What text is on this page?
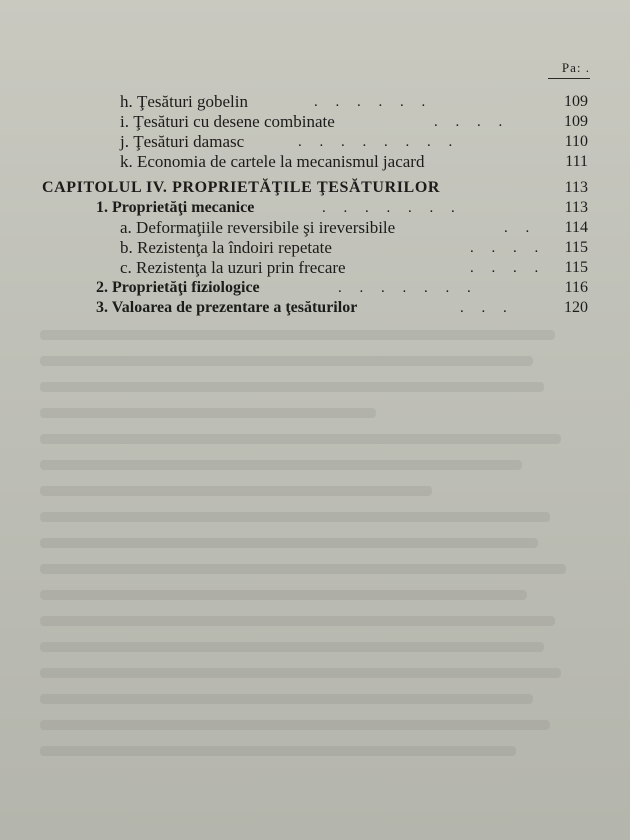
Pa: .
h. Ţesături gobelin	. . . . . .	109
i. Ţesături cu desene combinate	. . . .	109
j. Ţesături damasc	. . . . . . . .	110
k. Economia de cartele la mecanismul jacard	111
CAPITOLUL IV. PROPRIETĂŢILE ŢESĂTURILOR	113
1. Proprietăţi mecanice	. . . . . . .	113
a. Deformaţiile reversibile şi ireversibile	. .	114
b. Rezistenţa la îndoiri repetate	. . . .	115
c. Rezistenţa la uzuri prin frecare	. . . .	115
2. Proprietăţi fiziologice	. . . . . . .	116
3. Valoarea de prezentare a ţesăturilor	. . .	120
